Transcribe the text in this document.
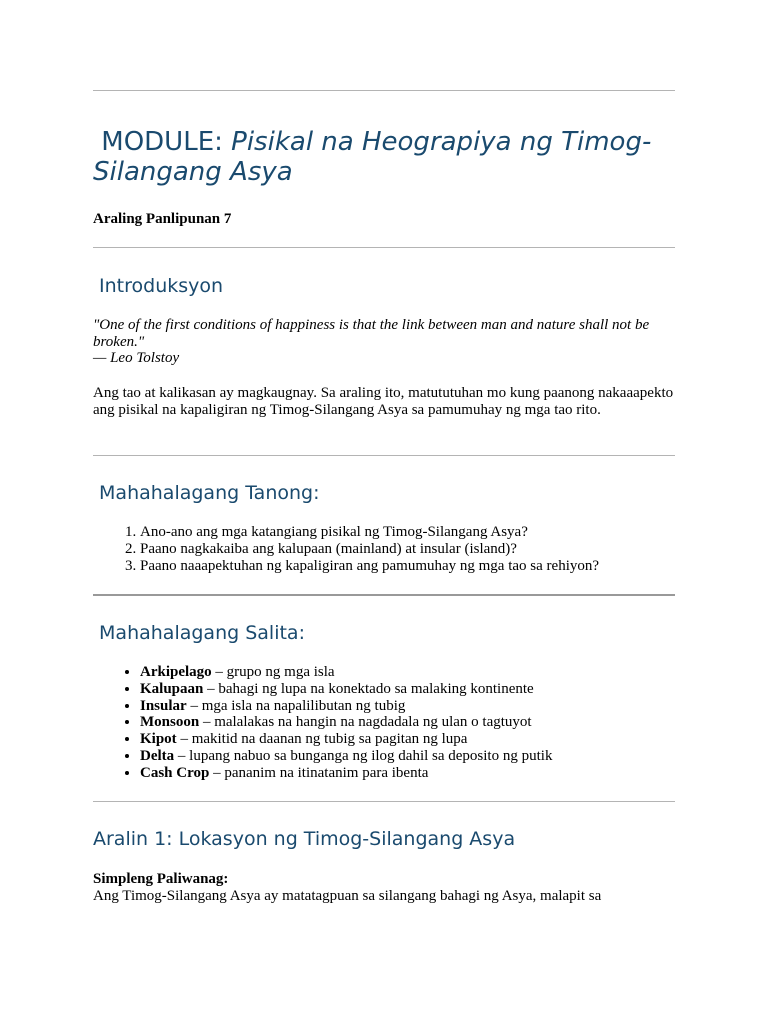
MODULE: Pisikal na Heograpiya ng Timog-Silangang Asya
Araling Panlipunan 7
Introduksyon
"One of the first conditions of happiness is that the link between man and nature shall not be broken."
— Leo Tolstoy
Ang tao at kalikasan ay magkaugnay. Sa araling ito, matututuhan mo kung paanong nakaaapekto ang pisikal na kapaligiran ng Timog-Silangang Asya sa pamumuhay ng mga tao rito.
Mahahalagang Tanong:
1. Ano-ano ang mga katangiang pisikal ng Timog-Silangang Asya?
2. Paano nagkakaiba ang kalupaan (mainland) at insular (island)?
3. Paano naaapektuhan ng kapaligiran ang pamumuhay ng mga tao sa rehiyon?
Mahahalagang Salita:
• Arkipelago – grupo ng mga isla
• Kalupaan – bahagi ng lupa na konektado sa malaking kontinente
• Insular – mga isla na napalilibutan ng tubig
• Monsoon – malalakas na hangin na nagdadala ng ulan o tagtuyot
• Kipot – makitid na daanan ng tubig sa pagitan ng lupa
• Delta – lupang nabuo sa bunganga ng ilog dahil sa deposito ng putik
• Cash Crop – pananim na itinatanim para ibenta
Aralin 1: Lokasyon ng Timog-Silangang Asya
Simpleng Paliwanag:
Ang Timog-Silangang Asya ay matatagpuan sa silangang bahagi ng Asya, malapit sa
